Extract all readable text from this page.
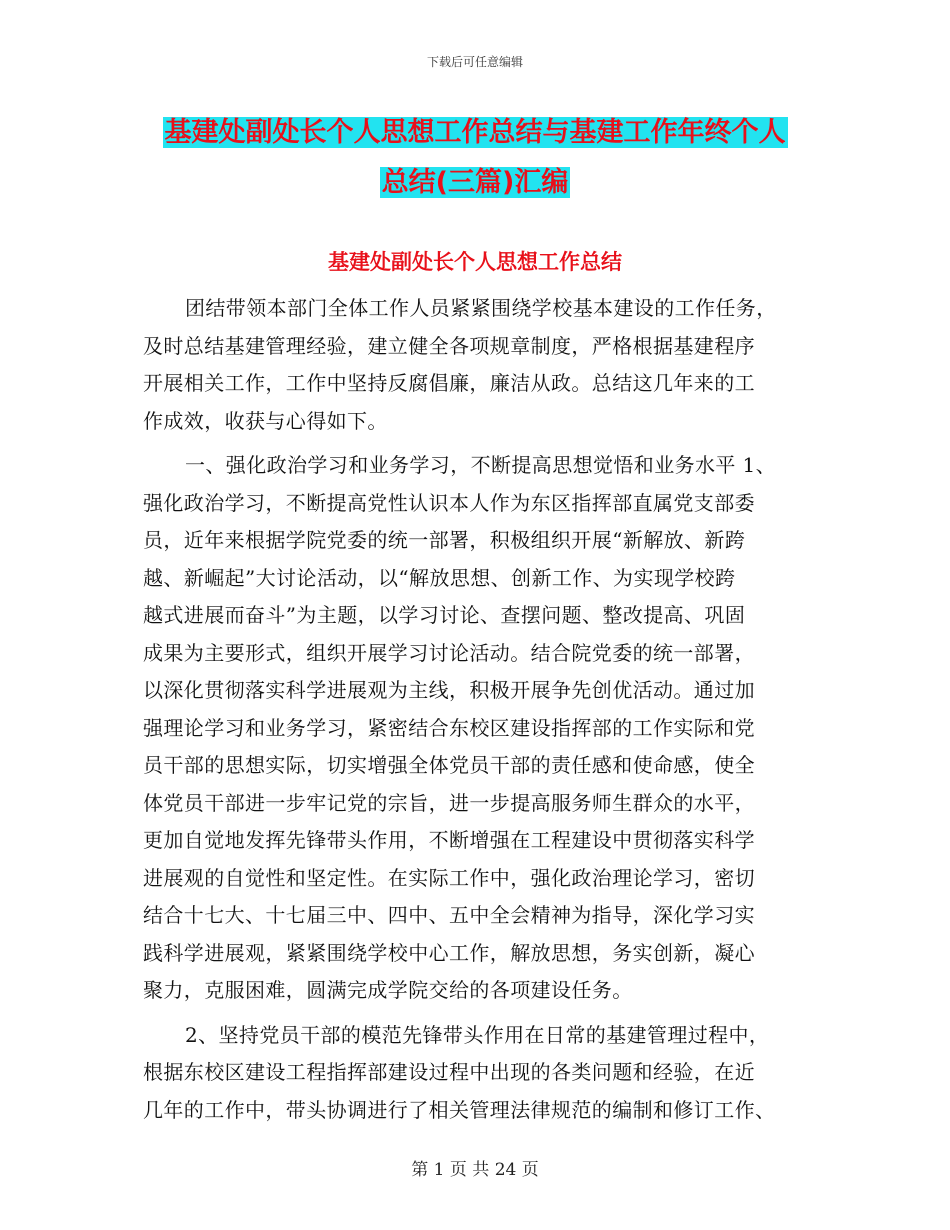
下载后可任意编辑
基建处副处长个人思想工作总结与基建工作年终个人
总结(三篇)汇编
基建处副处长个人思想工作总结
团结带领本部门全体工作人员紧紧围绕学校基本建设的工作任务，
及时总结基建管理经验，建立健全各项规章制度，严格根据基建程序
开展相关工作，工作中坚持反腐倡廉，廉洁从政。总结这几年来的工
作成效，收获与心得如下。
一、强化政治学习和业务学习，不断提高思想觉悟和业务水平 1、
强化政治学习，不断提高党性认识本人作为东区指挥部直属党支部委
员，近年来根据学院党委的统一部署，积极组织开展“新解放、新跨
越、新崛起”大讨论活动，以“解放思想、创新工作、为实现学校跨
越式进展而奋斗”为主题，以学习讨论、查摆问题、整改提高、巩固
成果为主要形式，组织开展学习讨论活动。结合院党委的统一部署，
以深化贯彻落实科学进展观为主线，积极开展争先创优活动。通过加
强理论学习和业务学习，紧密结合东校区建设指挥部的工作实际和党
员干部的思想实际，切实增强全体党员干部的责任感和使命感，使全
体党员干部进一步牢记党的宗旨，进一步提高服务师生群众的水平，
更加自觉地发挥先锋带头作用，不断增强在工程建设中贯彻落实科学
进展观的自觉性和坚定性。在实际工作中，强化政治理论学习，密切
结合十七大、十七届三中、四中、五中全会精神为指导，深化学习实
践科学进展观，紧紧围绕学校中心工作，解放思想，务实创新，凝心
聚力，克服困难，圆满完成学院交给的各项建设任务。
2、坚持党员干部的模范先锋带头作用在日常的基建管理过程中，
根据东校区建设工程指挥部建设过程中出现的各类问题和经验，在近
几年的工作中，带头协调进行了相关管理法律规范的编制和修订工作、
第 1 页 共 24 页
